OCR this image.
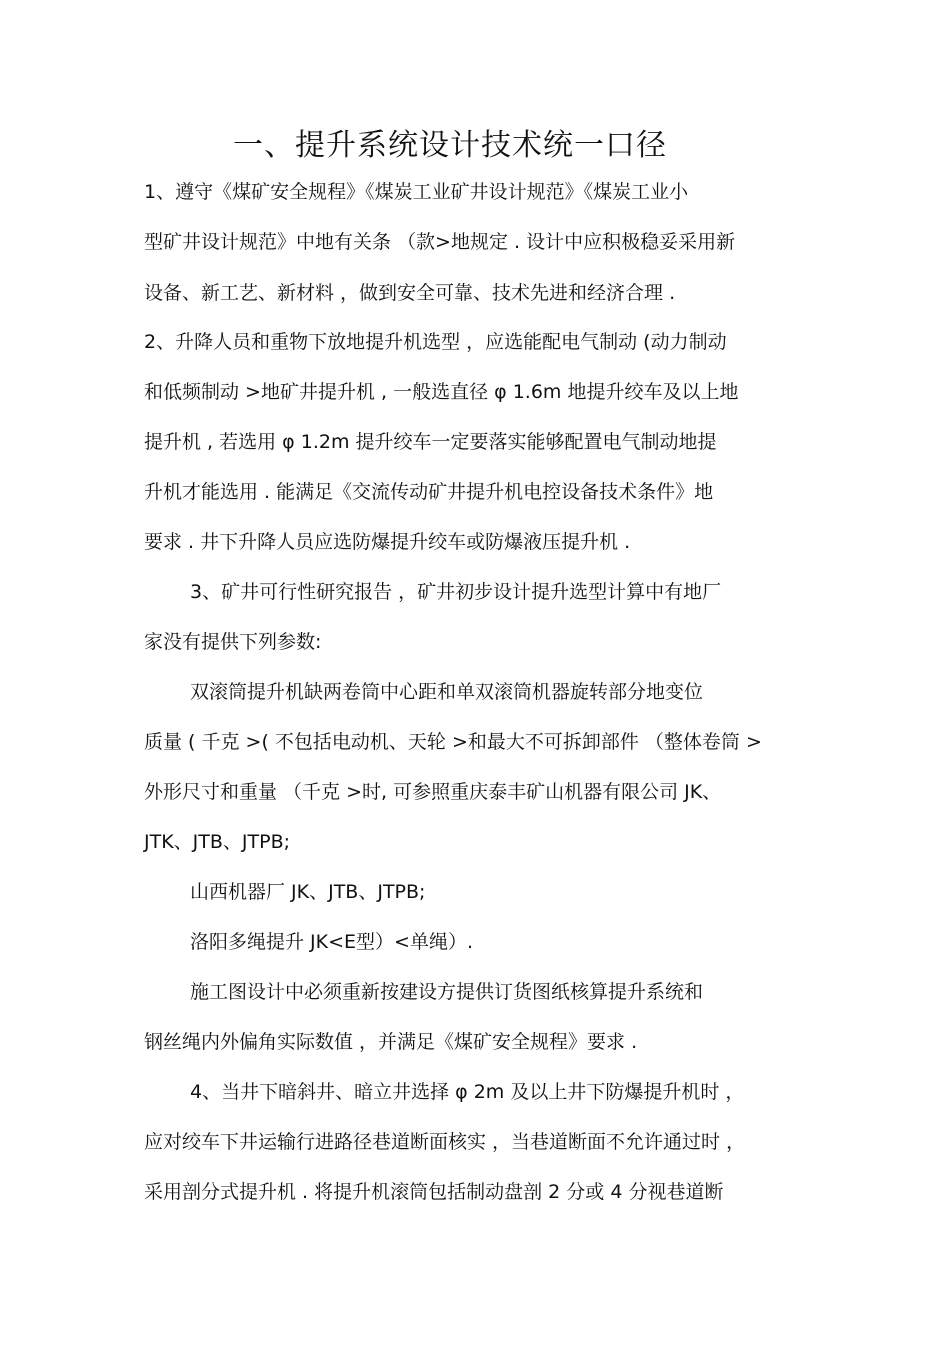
一、提升系统设计技术统一口径
1、遵守《煤矿安全规程》《煤炭工业矿井设计规范》《煤炭工业小
型矿井设计规范》中地有关条 （款>地规定 . 设计中应积极稳妥采用新
设备、新工艺、新材料 ，做到安全可靠、技术先进和经济合理 .
2、升降人员和重物下放地提升机选型 ，应选能配电气制动 (动力制动
和低频制动 >地矿井提升机 , 一般选直径 φ 1.6m 地提升绞车及以上地
提升机 , 若选用 φ 1.2m 提升绞车一定要落实能够配置电气制动地提
升机才能选用 . 能满足《交流传动矿井提升机电控设备技术条件》地
要求 . 井下升降人员应选防爆提升绞车或防爆液压提升机 .
3、矿井可行性研究报告 ，矿井初步设计提升选型计算中有地厂
家没有提供下列参数:
双滚筒提升机缺两卷筒中心距和单双滚筒机器旋转部分地变位
质量 ( 千克 >( 不包括电动机、天轮 >和最大不可拆卸部件 （整体卷筒 >
外形尺寸和重量 （千克 >时, 可参照重庆泰丰矿山机器有限公司 JK、
JTK、JTB、JTPB;
山西机器厂 JK、JTB、JTPB;
洛阳多绳提升 JK<E型）<单绳）.
施工图设计中必须重新按建设方提供订货图纸核算提升系统和
钢丝绳内外偏角实际数值 ，并满足《煤矿安全规程》要求 .
4、当井下暗斜井、暗立井选择 φ 2m 及以上井下防爆提升机时 ，
应对绞车下井运输行进路径巷道断面核实 ，当巷道断面不允许通过时 ，
采用剖分式提升机 . 将提升机滚筒包括制动盘剖 2 分或 4 分视巷道断
